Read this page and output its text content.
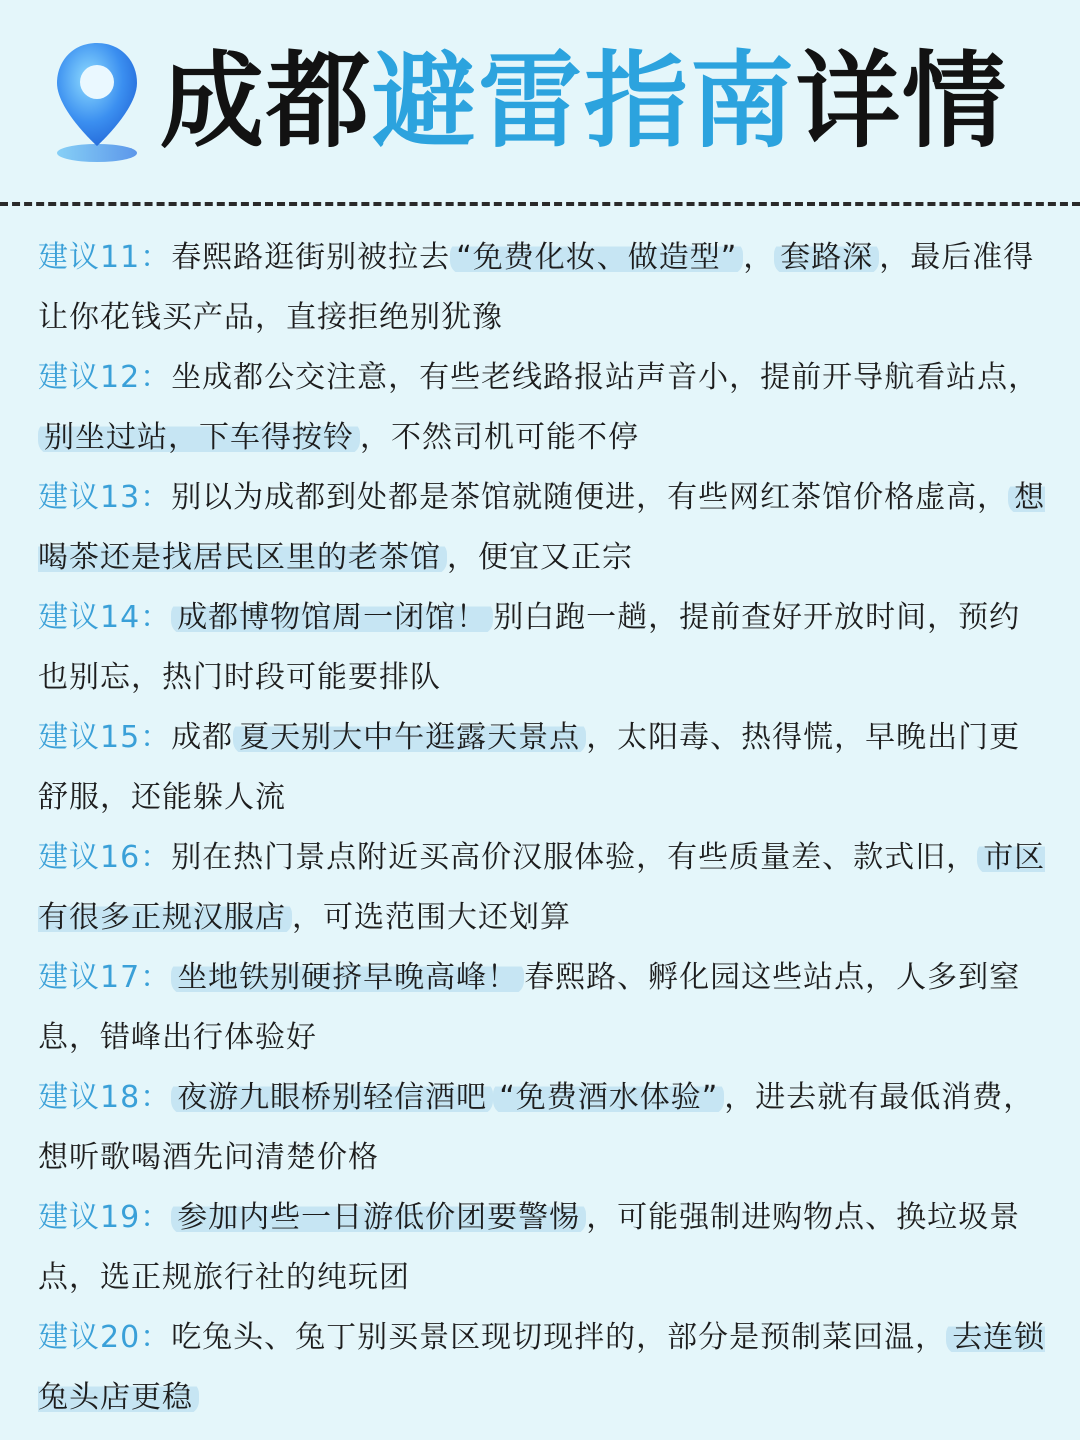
成都避雷指南详情

建议11：春熙路逛街别被拉去 “免费化妆、做造型” ， 套路深 ，最后准得让你花钱买产品，直接拒绝别犹豫

建议12：坐成都公交注意，有些老线路报站声音小，提前开导航看站点，别坐过站，下车得按铃 ，不然司机可能不停

建议13：别以为成都到处都是茶馆就随便进，有些网红茶馆价格虚高， 想喝茶还是找居民区里的老茶馆 ，便宜又正宗

建议14： 成都博物馆周一闭馆！ 别白跑一趟，提前查好开放时间，预约也别忘，热门时段可能要排队

建议15：成都 夏天别大中午逛露天景点 ，太阳毒、热得慌，早晚出门更舒服，还能躲人流

建议16：别在热门景点附近买高价汉服体验，有些质量差、款式旧， 市区有很多正规汉服店 ，可选范围大还划算

建议17： 坐地铁别硬挤早晚高峰！ 春熙路、孵化园这些站点，人多到窒息，错峰出行体验好

建议18： 夜游九眼桥别轻信酒吧 “免费酒水体验” ，进去就有最低消费，想听歌喝酒先问清楚价格

建议19： 参加内些一日游低价团要警惕 ，可能强制进购物点、换垃圾景点，选正规旅行社的纯玩团

建议20：吃兔头、兔丁别买景区现切现拌的，部分是预制菜回温， 去连锁兔头店更稳
